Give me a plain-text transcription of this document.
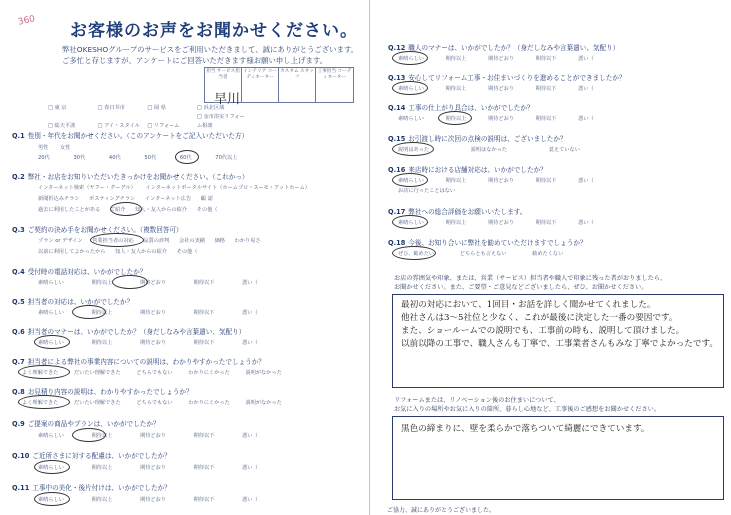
360 お客様のお声をお聞かせください。
弊社OKESHOグループのサービスをご利用いただきまして、誠にありがとうございます。
ご多忙と存じますが、アンケートにご回答いただきます様お願い申し上げます。
担当 サービス担当者
インテリア コーディネーター
カスタム スタッフ
工事担当 コーディネーター
早川
□ 東 京	□ 春日井市	□ 岡 県	□ 浜北区域
□ 総天平波	□ アイ・スタイル □ リフォーム □ 金市浴室リフォーム相談
Q.1 性別・年代をお聞かせください。（このアンケートをご記入いただいた方）
男性 女性
20代	30代	40代	50代	60代	70代以上
Q.2 弊社・お店をお知りいただいたきっかけをお聞かせください。（これかっ）
インターネット検索（ヤフー・グーグル） インターネットポータルサイト（ホームプロ・スーモ・アットホーム）
新聞折込みチラシ ポスティングチラシ インターネット広告 顧 認
過去に利用したことがある ご紹介 知人・友人からの紹介 その他（
Q.3 ご契約の決め手をお聞かせください。（複数回答可）
プラン or デザイン 営業担当者の対応 品質の評判 会社の実績 価格 わかり易さ
以前に利用してよかったから 知人・友人からの紹介 その他（
Q.4 受付時の電話対応は、いかがでしたか？
素晴らしい	期待以上	期待どおり	期待以下	悪い（
Q.5 担当者の対応は、いかがでしたか？
素晴らしい	期待以上	期待どおり	期待以下	悪い（
Q.6 担当者のマナーは、いかがでしたか？（身だしなみや言葉遣い、気配り）
素晴らしい	期待以上	期待どおり	期待以下	悪い（
Q.7 担当者による弊社の事業内容についての説明は、わかりやすかったでしょうか？
よく理解できた	だいたい理解できた	どちらでもない	わかりにくかった	説明がなかった
Q.8 お見積り内容の説明は、わかりやすかったでしょうか？
よく理解できた	だいたい理解できた	どちらでもない	わかりにくかった	説明がなかった
Q.9 ご提案の商品やプランは、いかがでしたか？
素晴らしい	期待以上	期待どおり	期待以下	悪い（
Q.10 ご近所さまに対する配慮は、いかがでしたか？
素晴らしい	期待以上	期待どおり	期待以下	悪い（
Q.11 工事中の美化・後片付けは、いかがでしたか？
素晴らしい	期待以上	期待どおり	期待以下	悪い（
Q.12 職人のマナーは、いかがでしたか？（身だしなみや言葉遣い、気配り）
素晴らしい	期待以上	期待どおり	期待以下	悪い（
Q.13 安心してリフォーム工事・お住まいづくりを進めることができましたか？
素晴らしい	期待以上	期待どおり	期待以下	悪い（
Q.14 工事の仕上がり具合は、いかがでしたか？
素晴らしい	期待以上	期待どおり	期待以下	悪い（
Q.15 お引渡し時に次回の点検の説明は、ございましたか？
説明はあった	説明はなかった	覚えていない
Q.16 来店時における店舗対応は、いかがでしたか？
素晴らしい	期待以上	期待どおり	期待以下	悪い（
お店に行ったことはない
Q.17 弊社への総合評価をお願いいたします。
素晴らしい	期待以上	期待どおり	期待以下	悪い（
Q.18 今後、お知り合いに弊社を勧めていただけますでしょうか？
ぜひ、勧めたい	どちらとも言えない	勧めたくない
お店の雰囲気や印象、または、営業（サービス）担当者や職人で印象に残った者がおりましたら、
お聞かせください。また、ご要望・ご意見などございましたら、ぜひ、お聞かせください。
最初の対応において、1回目・お話を詳しく聞かせてくれました。
他社さんは3〜5社位と少なく、これが最後に決定した一番の要因です。
また、ショールームでの説明でも、工事前の時も、説明して頂けました。
以前以降の工事で、職人さんも丁寧で、工事業者さんもみな丁寧でよかったです。
リフォームまたは、リノベーション後のお住まいについて、
お気に入りの場所やお気に入りの箇所、暮らし心地など、工事後のご感想をお聞かせください。
黒色の締まりに、壁を柔らかで落ちついて綺麗にできています。
ご協力、誠にありがとうございました。
